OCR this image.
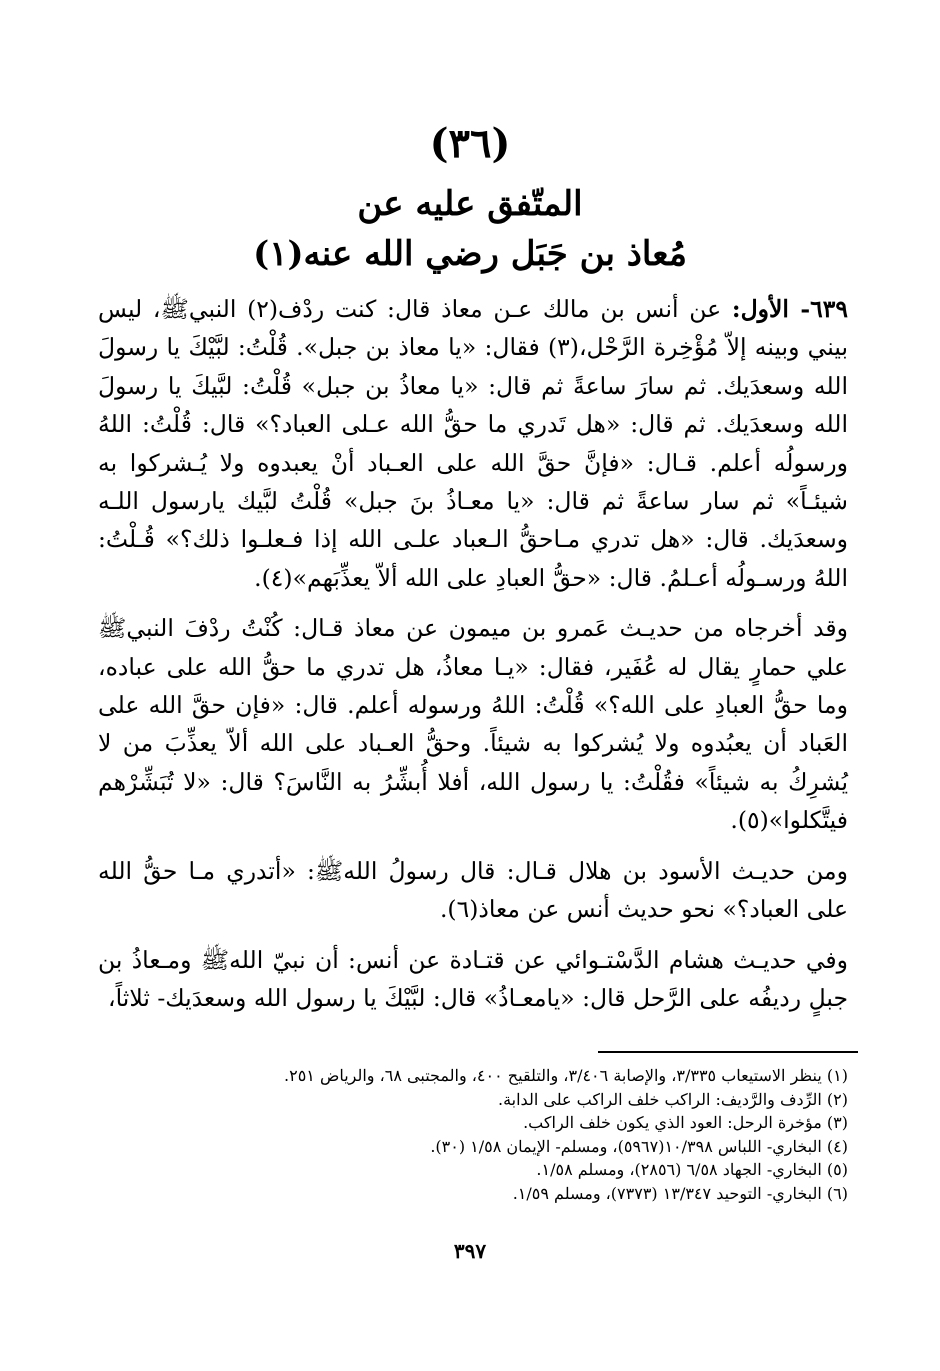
(٣٦)
المتّفق عليه عن
مُعاذ بن جَبَل رضي الله عنه(١)

٦٣٩- الأول: عن أنس بن مالك عـن معاذ قال: كنت ردْف(٢) النبيﷺ، ليس بيني وبينه إلاّ مُؤْخِرة الرَّحْل،(٣) فقال: «يا معاذ بن جبل». قُلْتُ: لبَّيْكَ يا رسولَ الله وسعدَيك. ثم سارَ ساعةً ثم قال: «يا معاذُ بن جبل» قُلْتُ: لبَّيكَ يا رسولَ الله وسعدَيك. ثم قال: «هل تَدري ما حقُّ الله عـلى العباد؟» قال: قُلْتُ: اللهُ ورسولُه أعلم. قـال: «فإنَّ حقَّ الله على العـباد أنْ يعبدوه ولا يُـشركوا به شيئـاً» ثم سار ساعةً ثم قال: «يا معـاذُ بنَ جبل» قُلْتُ لبَّيك يارسول اللـه وسعدَيك. قال: «هل تدري مـاحقُّ الـعباد علـى الله إذا فـعلـوا ذلك؟» قُـلْتُ: اللهُ ورسـولُه أعـلمُ. قال: «حقُّ العبادِ على الله ألاّ يعذِّبَهم»(٤).

وقد أخرجاه من حديـث عَمرو بن ميمون عن معاذ قـال: كُنْتُ ردْفَ النبيﷺ علي حمارٍ يقال له عُفَير، فقال: «يـا معاذُ، هل تدري ما حقُّ الله على عباده، وما حقُّ العبادِ على الله؟» قُلْتُ: اللهُ ورسوله أعلم. قال: «فإن حقَّ الله على العَباد أن يعبُدوه ولا يُشركوا به شيئاً. وحقُّ العـباد على الله ألاّ يعذِّبَ من لا يُشرِكُ به شيئاً» فقُلْتُ: يا رسول الله، أفلا أُبشِّرُ به النَّاسَ؟ قال: «لا تُبَشِّرْهم فيتَّكلوا»(٥).

ومن حديـث الأسود بن هلال قـال: قال رسولُ اللهﷺ: «أتدري مـا حقُّ الله على العباد؟» نحو حديث أنس عن معاذ(٦).

وفي حديـث هشام الدَّسْتـوائي عن قتـادة عن أنس: أن نبيّ اللهﷺ ومـعاذُ بن جبلٍ رديفُه على الرَّحل قال: «يامعـاذُ» قال: لبَّيْكَ يا رسول الله وسعدَيك- ثلاثاً،

(١) ينظر الاستيعاب ٣/٣٣٥، والإصابة ٣/٤٠٦، والتلقيح ٤٠٠، والمجتبى ٦٨، والرياض ٢٥١.
(٢) الرِّدف والرَّديف: الراكب خلف الراكب على الدابة.
(٣) مؤخرة الرحل: العود الذي يكون خلف الراكب.
(٤) البخاري- اللباس ١٠/٣٩٨(٥٩٦٧)، ومسلم- الإيمان ١/٥٨ (٣٠).
(٥) البخاري- الجهاد ٦/٥٨ (٢٨٥٦)، ومسلم ١/٥٨.
(٦) البخاري- التوحيد ١٣/٣٤٧ (٧٣٧٣)، ومسلم ١/٥٩.
٣٩٧
